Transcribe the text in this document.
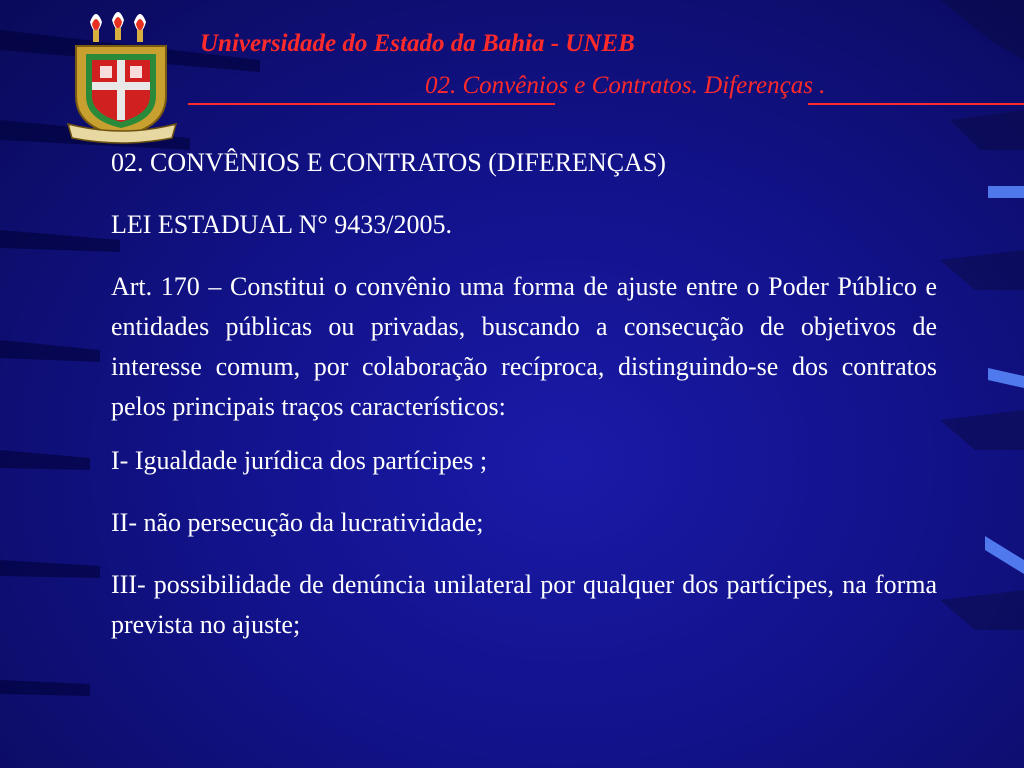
Universidade do Estado da Bahia - UNEB
02. Convênios e Contratos. Diferenças .

02. CONVÊNIOS E CONTRATOS (DIFERENÇAS)

LEI ESTADUAL N° 9433/2005.

Art. 170 – Constitui o convênio uma forma de ajuste entre o Poder Público e entidades públicas ou privadas, buscando a consecução de objetivos de interesse comum, por colaboração recíproca, distinguindo-se dos contratos pelos principais traços característicos:

I- Igualdade jurídica dos partícipes ;

II- não persecução da lucratividade;

III- possibilidade de denúncia unilateral por qualquer dos partícipes, na forma prevista no ajuste;
